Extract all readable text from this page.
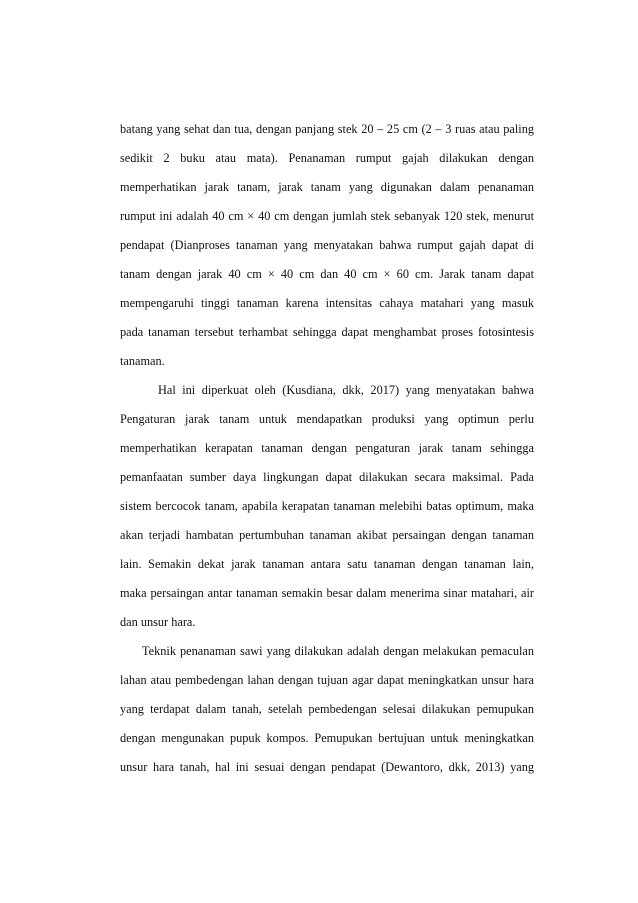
batang yang sehat dan tua, dengan panjang stek 20 – 25 cm (2 – 3 ruas atau paling
sedikit 2 buku atau mata). Penanaman rumput gajah dilakukan dengan
memperhatikan jarak tanam, jarak tanam yang digunakan dalam penanaman
rumput ini adalah 40 cm × 40 cm dengan jumlah stek sebanyak 120 stek, menurut
pendapat (Dianproses tanaman yang menyatakan bahwa rumput gajah dapat di
tanam dengan jarak 40 cm × 40 cm dan 40 cm × 60 cm. Jarak tanam dapat
mempengaruhi tinggi tanaman karena intensitas cahaya matahari yang masuk
pada tanaman tersebut terhambat sehingga dapat menghambat proses fotosintesis
tanaman.
Hal ini diperkuat oleh (Kusdiana, dkk, 2017) yang menyatakan bahwa
Pengaturan jarak tanam untuk mendapatkan produksi yang optimun perlu
memperhatikan kerapatan tanaman dengan pengaturan jarak tanam sehingga
pemanfaatan sumber daya lingkungan dapat dilakukan secara maksimal. Pada
sistem bercocok tanam, apabila kerapatan tanaman melebihi batas optimum, maka
akan terjadi hambatan pertumbuhan tanaman akibat persaingan dengan tanaman
lain. Semakin dekat jarak tanaman antara satu tanaman dengan tanaman lain,
maka persaingan antar tanaman semakin besar dalam menerima sinar matahari, air
dan unsur hara.
Teknik penanaman sawi yang dilakukan adalah dengan melakukan pemaculan
lahan atau pembedengan lahan dengan tujuan agar dapat meningkatkan unsur hara
yang terdapat dalam tanah, setelah pembedengan selesai dilakukan pemupukan
dengan mengunakan pupuk kompos. Pemupukan bertujuan untuk meningkatkan
unsur hara tanah, hal ini sesuai dengan pendapat (Dewantoro, dkk, 2013) yang
